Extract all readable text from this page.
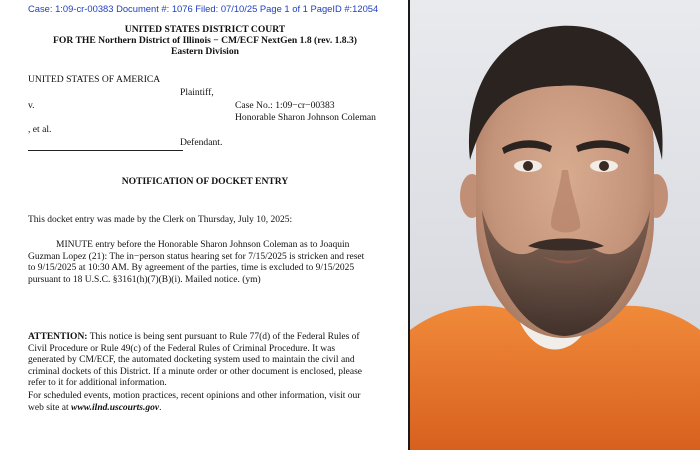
Case: 1:09-cr-00383 Document #: 1076 Filed: 07/10/25 Page 1 of 1 PageID #:12054
UNITED STATES DISTRICT COURT
FOR THE Northern District of Illinois − CM/ECF NextGen 1.8 (rev. 1.8.3)
Eastern Division
UNITED STATES OF AMERICA
Plaintiff,
v.	Case No.: 1:09−cr−00383
Honorable Sharon Johnson Coleman
, et al.
Defendant.
NOTIFICATION OF DOCKET ENTRY
This docket entry was made by the Clerk on Thursday, July 10, 2025:
MINUTE entry before the Honorable Sharon Johnson Coleman as to Joaquin
Guzman Lopez (21): The in−person status hearing set for 7/15/2025 is stricken and reset
to 9/15/2025 at 10:30 AM. By agreement of the parties, time is excluded to 9/15/2025
pursuant to 18 U.S.C. §3161(h)(7)(B)(i). Mailed notice. (ym)
ATTENTION: This notice is being sent pursuant to Rule 77(d) of the Federal Rules of
Civil Procedure or Rule 49(c) of the Federal Rules of Criminal Procedure. It was
generated by CM/ECF, the automated docketing system used to maintain the civil and
criminal dockets of this District. If a minute order or other document is enclosed, please
refer to it for additional information.
For scheduled events, motion practices, recent opinions and other information, visit our
web site at www.ilnd.uscourts.gov.
